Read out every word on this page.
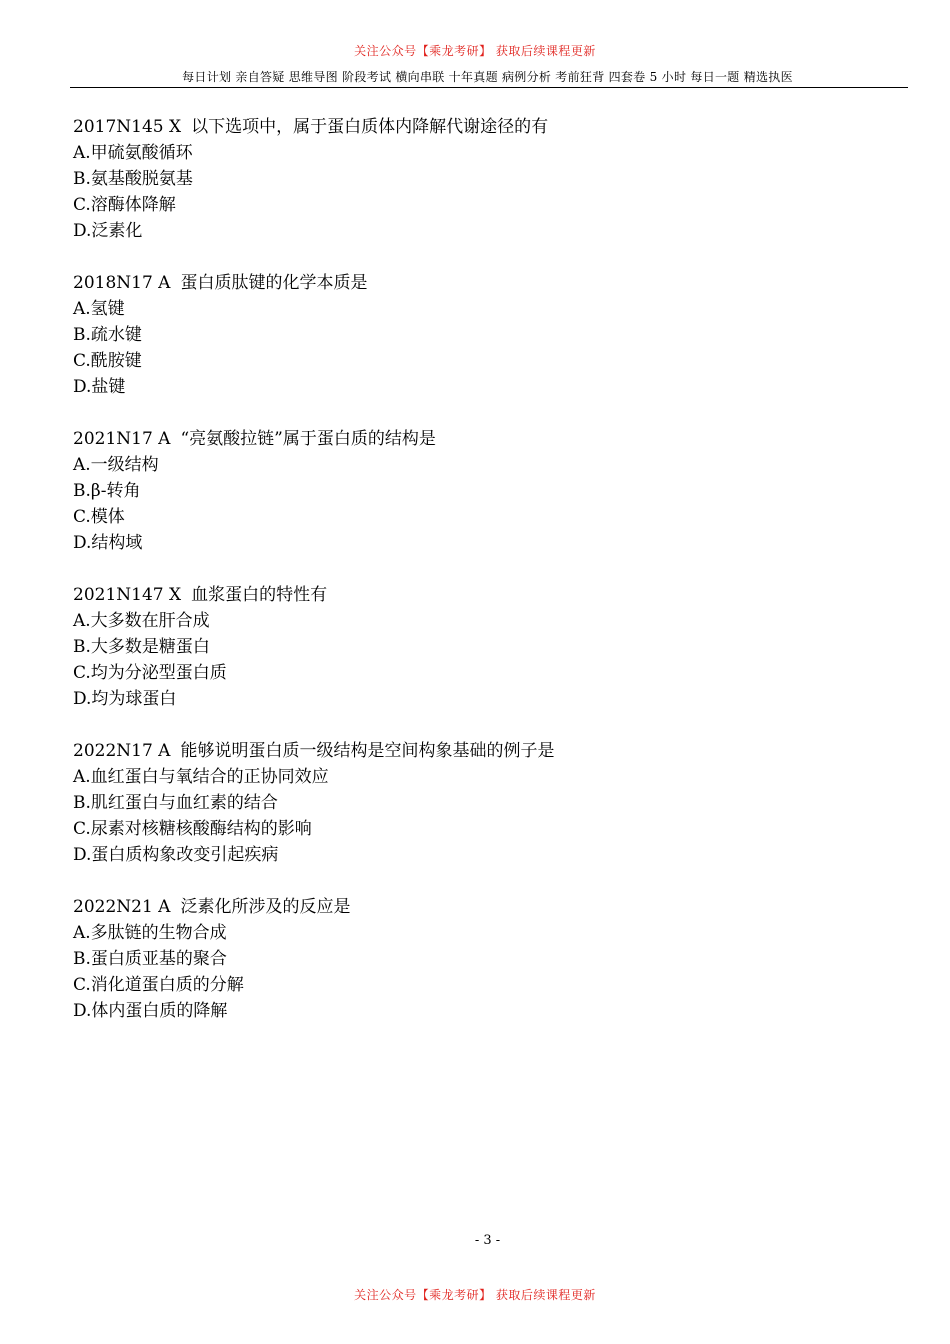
关注公众号【乘龙考研】 获取后续课程更新
每日计划 亲自答疑 思维导图 阶段考试 横向串联 十年真题 病例分析 考前狂背 四套卷 5 小时 每日一题 精选执医
2017N145 X 以下选项中，属于蛋白质体内降解代谢途径的有
A.甲硫氨酸循环
B.氨基酸脱氨基
C.溶酶体降解
D.泛素化
2018N17 A 蛋白质肽键的化学本质是
A.氢键
B.疏水键
C.酰胺键
D.盐键
2021N17 A “亮氨酸拉链”属于蛋白质的结构是
A.一级结构
B.β-转角
C.模体
D.结构域
2021N147 X 血浆蛋白的特性有
A.大多数在肝合成
B.大多数是糖蛋白
C.均为分泌型蛋白质
D.均为球蛋白
2022N17 A 能够说明蛋白质一级结构是空间构象基础的例子是
A.血红蛋白与氧结合的正协同效应
B.肌红蛋白与血红素的结合
C.尿素对核糖核酸酶结构的影响
D.蛋白质构象改变引起疾病
2022N21 A 泛素化所涉及的反应是
A.多肽链的生物合成
B.蛋白质亚基的聚合
C.消化道蛋白质的分解
D.体内蛋白质的降解
- 3 -
关注公众号【乘龙考研】 获取后续课程更新
